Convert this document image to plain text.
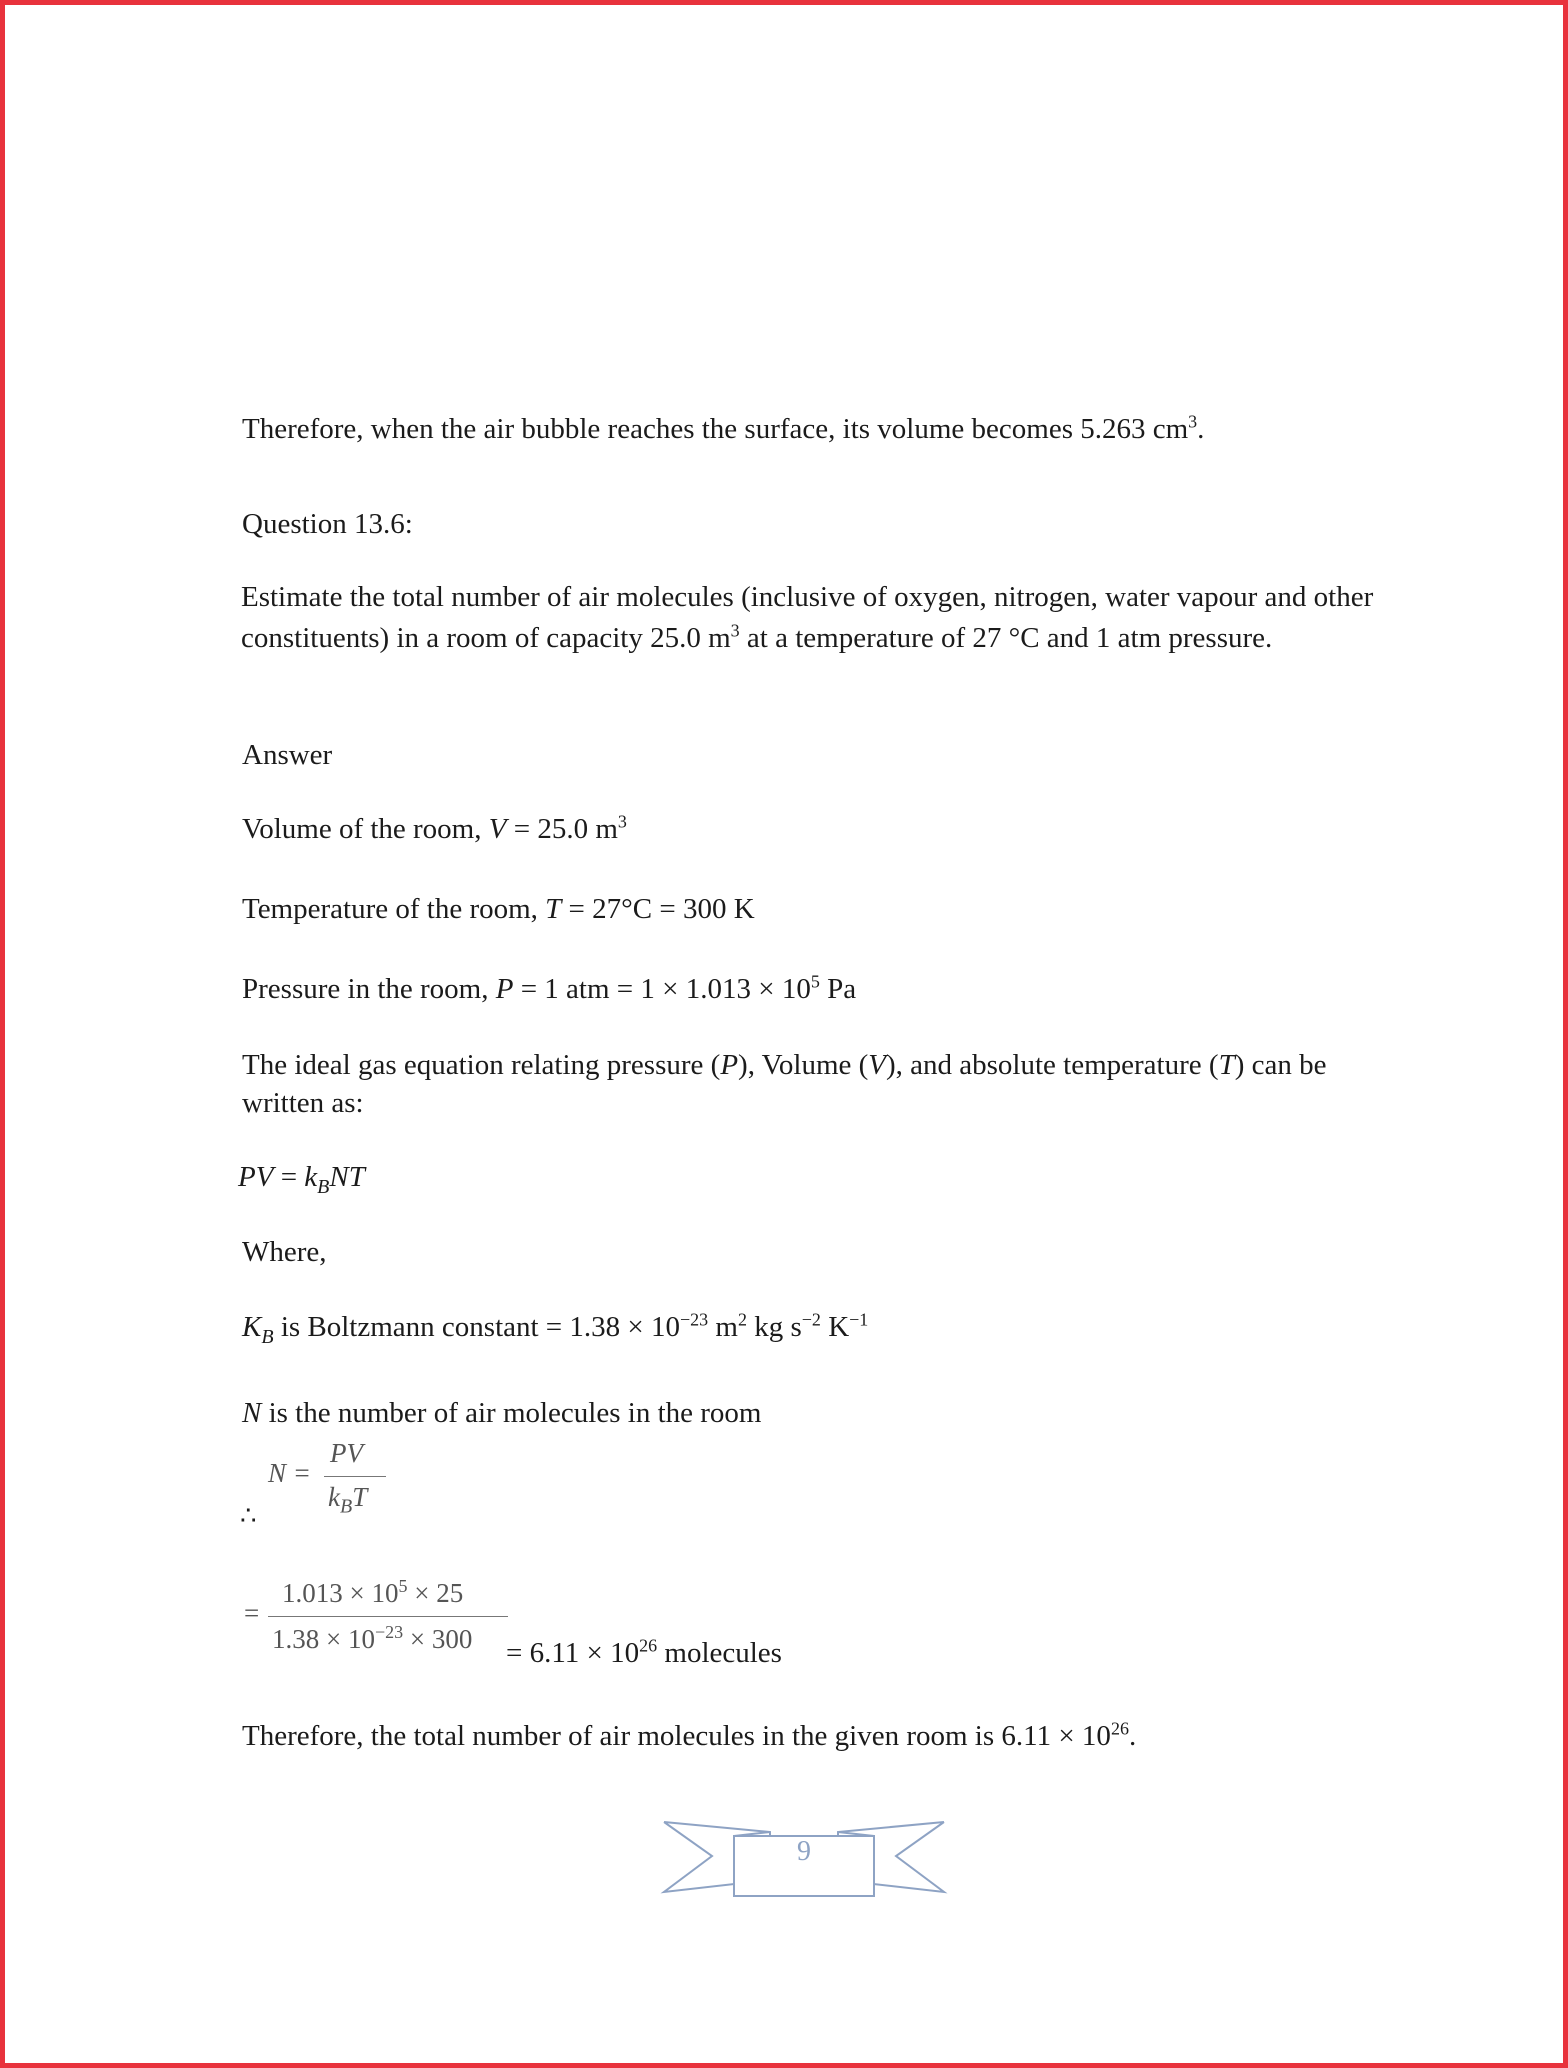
Therefore, when the air bubble reaches the surface, its volume becomes 5.263 $cm^3$.
Question 13.6:
Estimate the total number of air molecules (inclusive of oxygen, nitrogen, water vapour and other constituents) in a room of capacity 25.0 $m^3$ at a temperature of 27 °C and 1 atm pressure.
Answer
Volume of the room, V = 25.0 $m^3$
Temperature of the room, T = 27°C = 300 K
Pressure in the room, P = 1 atm = $1 \times 1.013 \times 10^5$ Pa
The ideal gas equation relating pressure (P), Volume (V), and absolute temperature (T) can be written as:
PV = $k_BNT$
Where,
$K_B$ is Boltzmann constant = $1.38 \times 10^{-23}$ $m^2$ kg $s^{-2}$ $K^{-1}$
N is the number of air molecules in the room
N =
PV
$k_BT$
∴
=
$1.013 \times 10^5 \times 25$
$1.38 \times 10^{-23} \times 300 = 6.11 \times 10^{26}$ molecules
Therefore, the total number of air molecules in the given room is $6.11 \times 10^{26}$.
9
